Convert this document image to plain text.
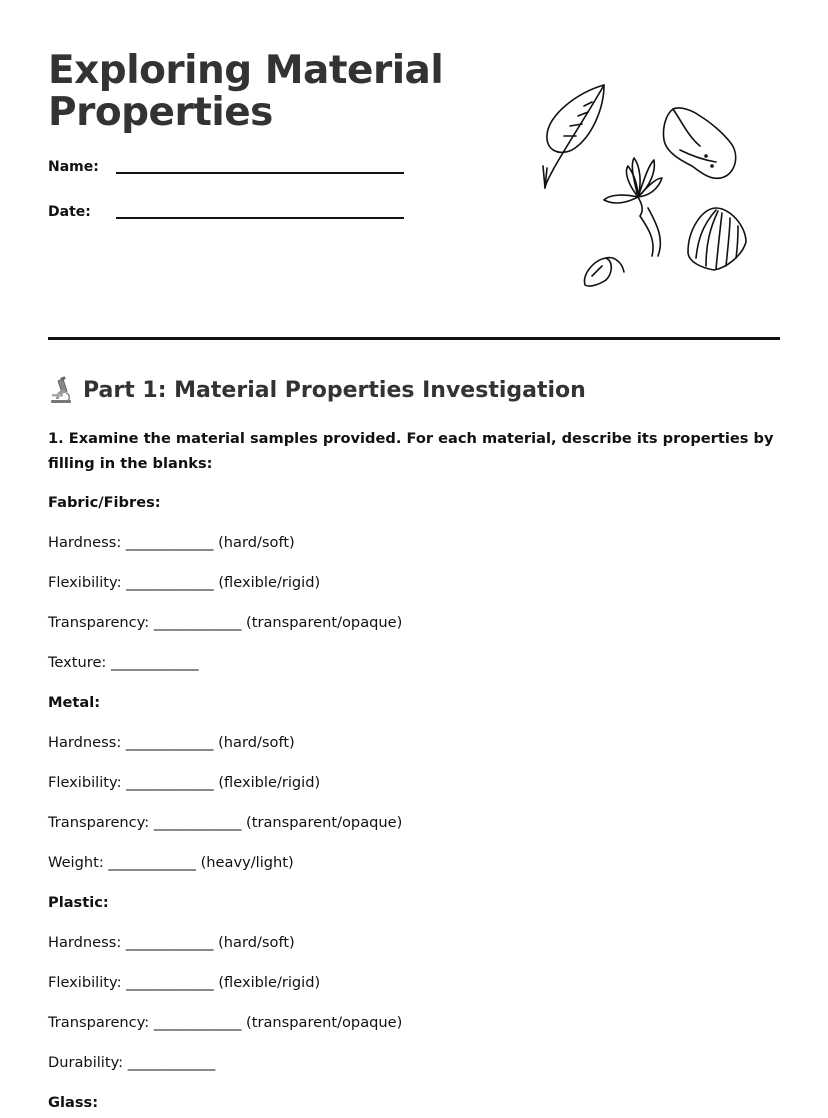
Exploring Material Properties
Name:
Date:
Part 1: Material Properties Investigation
1. Examine the material samples provided. For each material, describe its properties by filling in the blanks:
Fabric/Fibres:
Hardness: ____________ (hard/soft)
Flexibility: ____________ (flexible/rigid)
Transparency: ____________ (transparent/opaque)
Texture: ____________
Metal:
Hardness: ____________ (hard/soft)
Flexibility: ____________ (flexible/rigid)
Transparency: ____________ (transparent/opaque)
Weight: ____________ (heavy/light)
Plastic:
Hardness: ____________ (hard/soft)
Flexibility: ____________ (flexible/rigid)
Transparency: ____________ (transparent/opaque)
Durability: ____________
Glass:
